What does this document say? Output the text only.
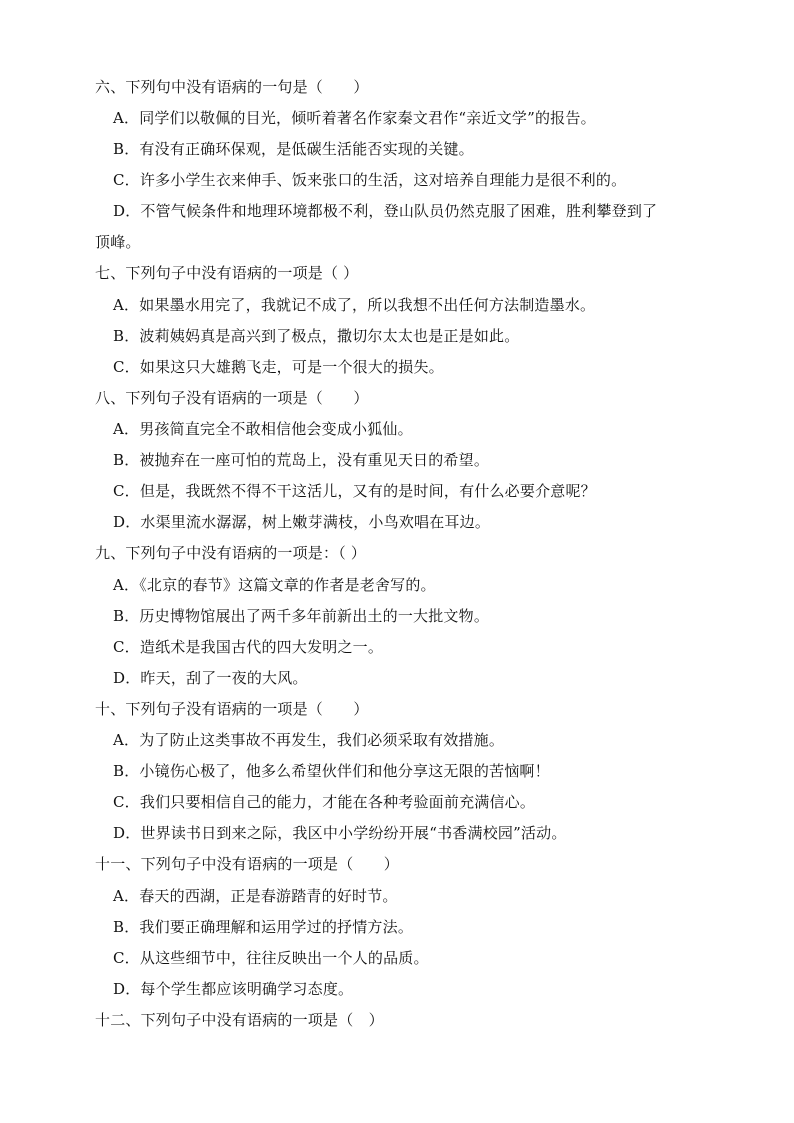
六、下列句中没有语病的一句是（　　）
A．同学们以敬佩的目光，倾听着著名作家秦文君作“亲近文学”的报告。
B．有没有正确环保观，是低碳生活能否实现的关键。
C．许多小学生衣来伸手、饭来张口的生活，这对培养自理能力是很不利的。
D．不管气候条件和地理环境都极不利，登山队员仍然克服了困难，胜利攀登到了
顶峰。
七、下列句子中没有语病的一项是（ ）
A．如果墨水用完了，我就记不成了，所以我想不出任何方法制造墨水。
B．波莉姨妈真是高兴到了极点，撒切尔太太也是正是如此。
C．如果这只大雄鹅飞走，可是一个很大的损失。
八、下列句子没有语病的一项是（　　）
A．男孩简直完全不敢相信他会变成小狐仙。
B．被抛弃在一座可怕的荒岛上，没有重见天日的希望。
C．但是，我既然不得不干这活儿，又有的是时间，有什么必要介意呢？
D．水渠里流水潺潺，树上嫩芽满枝，小鸟欢唱在耳边。
九、下列句子中没有语病的一项是：（ ）
A．《北京的春节》这篇文章的作者是老舍写的。
B．历史博物馆展出了两千多年前新出土的一大批文物。
C．造纸术是我国古代的四大发明之一。
D．昨天，刮了一夜的大风。
十、下列句子没有语病的一项是（　　）
A．为了防止这类事故不再发生，我们必须采取有效措施。
B．小镜伤心极了，他多么希望伙伴们和他分享这无限的苦恼啊！
C．我们只要相信自己的能力，才能在各种考验面前充满信心。
D．世界读书日到来之际，我区中小学纷纷开展“书香满校园”活动。
十一、下列句子中没有语病的一项是（　　）
A．春天的西湖，正是春游踏青的好时节。
B．我们要正确理解和运用学过的抒情方法。
C．从这些细节中，往往反映出一个人的品质。
D．每个学生都应该明确学习态度。
十二、下列句子中没有语病的一项是（　）
